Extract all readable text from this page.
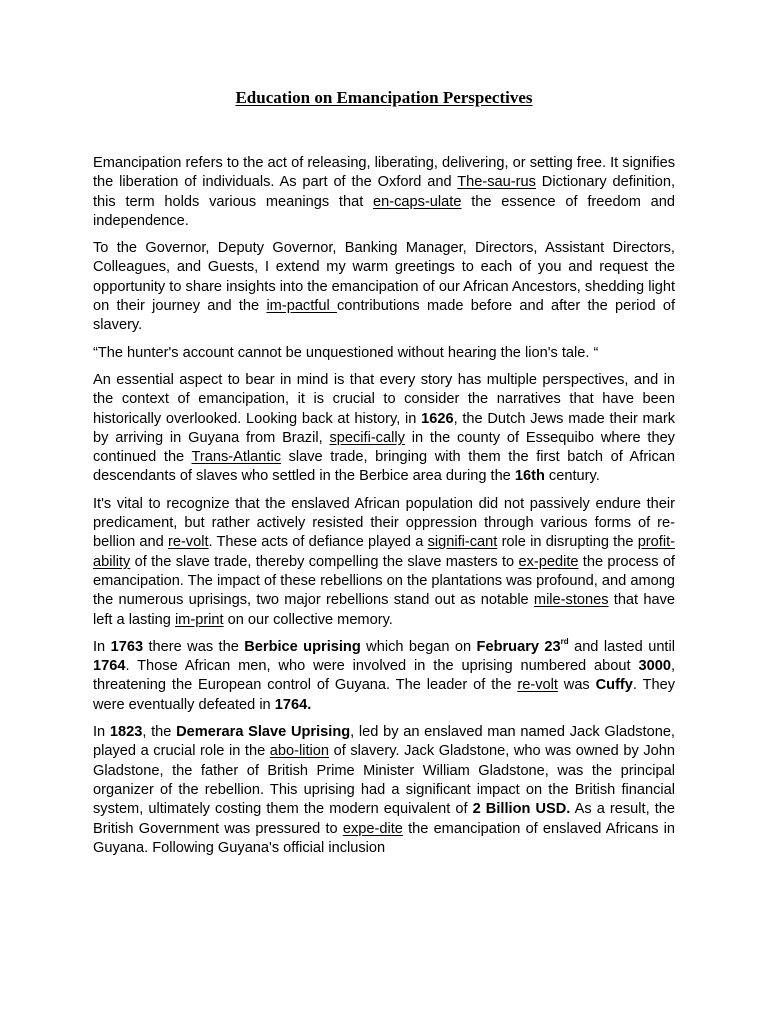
Education on Emancipation Perspectives

Emancipation refers to the act of releasing, liberating, delivering, or setting free. It signifies the liberation of individuals. As part of the Oxford and The-sau-rus Dictionary definition, this term holds various meanings that en-caps-ulate the essence of freedom and independence.

To the Governor, Deputy Governor, Banking Manager, Directors, Assistant Directors, Colleagues, and Guests, I extend my warm greetings to each of you and request the opportunity to share insights into the emancipation of our African Ancestors, shedding light on their journey and the im-pactful contributions made before and after the period of slavery.

“The hunter's account cannot be unquestioned without hearing the lion's tale. “

An essential aspect to bear in mind is that every story has multiple perspectives, and in the context of emancipation, it is crucial to consider the narratives that have been historically overlooked. Looking back at history, in 1626, the Dutch Jews made their mark by arriving in Guyana from Brazil, specifi-cally in the county of Essequibo where they continued the Trans-Atlantic slave trade, bringing with them the first batch of African descendants of slaves who settled in the Berbice area during the 16th century.

It's vital to recognize that the enslaved African population did not passively endure their predicament, but rather actively resisted their oppression through various forms of re-bellion and re-volt. These acts of defiance played a signifi-cant role in disrupting the profit-ability of the slave trade, thereby compelling the slave masters to ex-pedite the process of emancipation. The impact of these rebellions on the plantations was profound, and among the numerous uprisings, two major rebellions stand out as notable mile-stones that have left a lasting im-print on our collective memory.

In 1763 there was the Berbice uprising which began on February 23rd and lasted until 1764. Those African men, who were involved in the uprising numbered about 3000, threatening the European control of Guyana. The leader of the re-volt was Cuffy. They were eventually defeated in 1764.

In 1823, the Demerara Slave Uprising, led by an enslaved man named Jack Gladstone, played a crucial role in the abo-lition of slavery. Jack Gladstone, who was owned by John Gladstone, the father of British Prime Minister William Gladstone, was the principal organizer of the rebellion. This uprising had a significant impact on the British financial system, ultimately costing them the modern equivalent of 2 Billion USD. As a result, the British Government was pressured to expe-dite the emancipation of enslaved Africans in Guyana. Following Guyana's official inclusion
